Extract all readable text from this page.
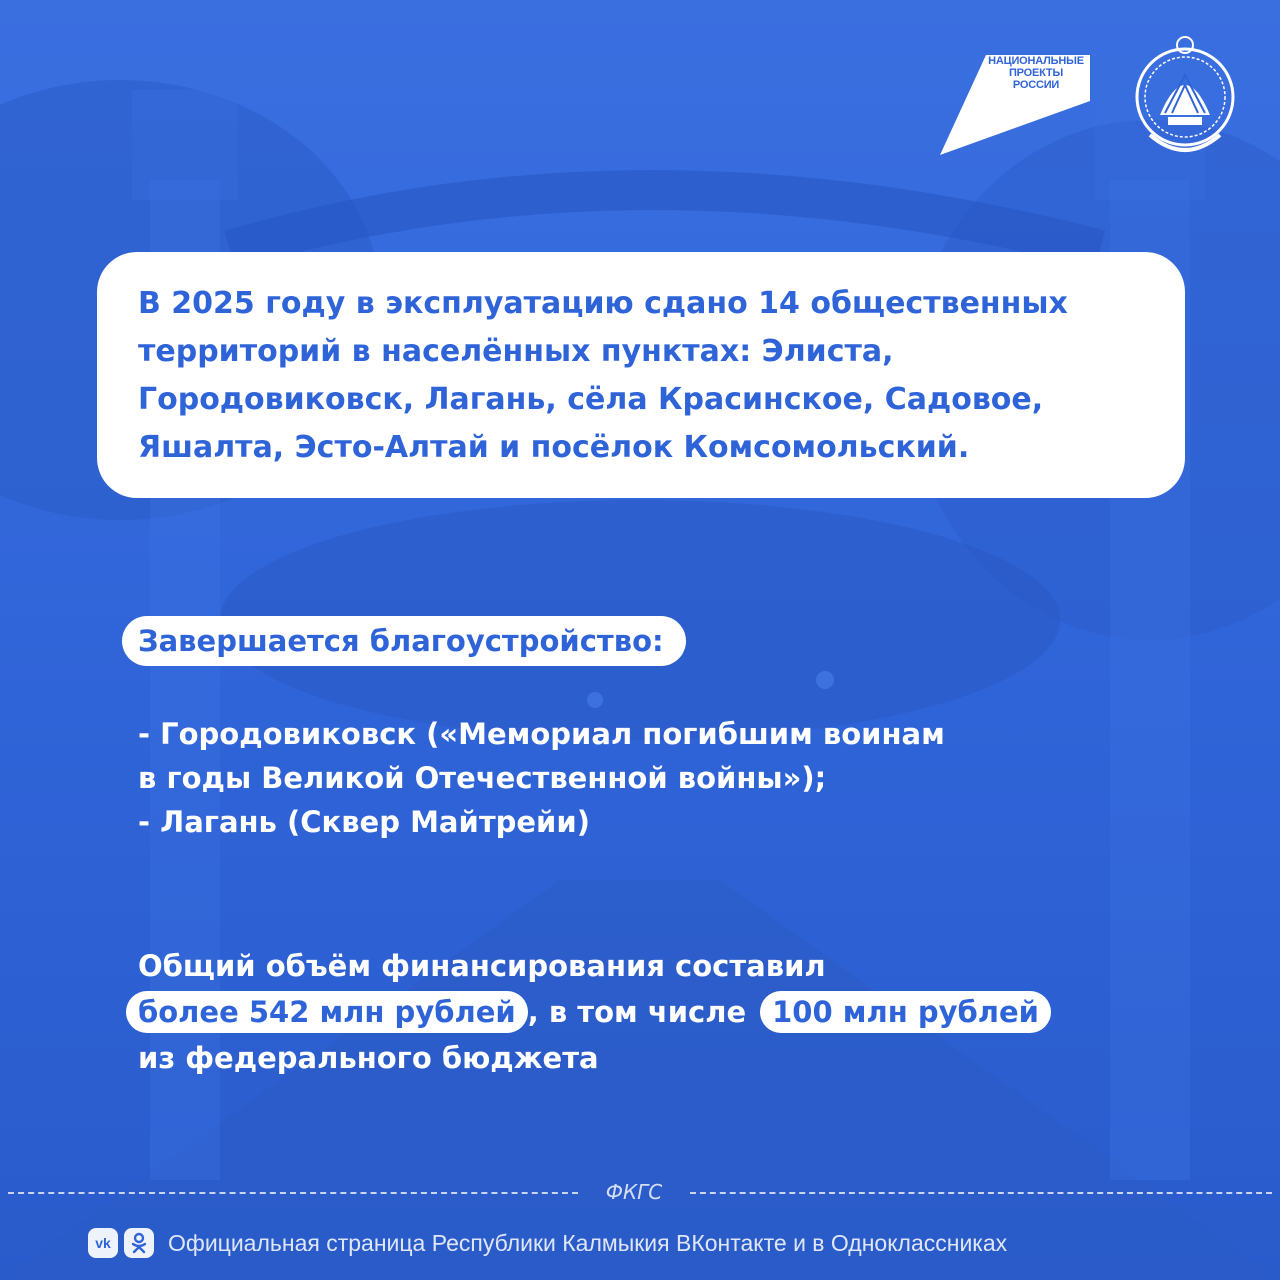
НАЦИОНАЛЬНЫЕ
ПРОЕКТЫ
РОССИИ
В 2025 году в эксплуатацию сдано 14 общественных
территорий в населённых пунктах: Элиста,
Городовиковск, Лагань, сёла Красинское, Садовое,
Яшалта, Эсто-Алтай и посёлок Комсомольский.
Завершается благоустройство:
- Городовиковск («Мемориал погибшим воинам
в годы Великой Отечественной войны»);
- Лагань (Сквер Майтрейи)
Общий объём финансирования составил
более 542 млн рублей , в том числе 100 млн рублей
из федерального бюджета
ФКГС
vk	Официальная страница Республики Калмыкия ВКонтакте и в Одноклассниках
